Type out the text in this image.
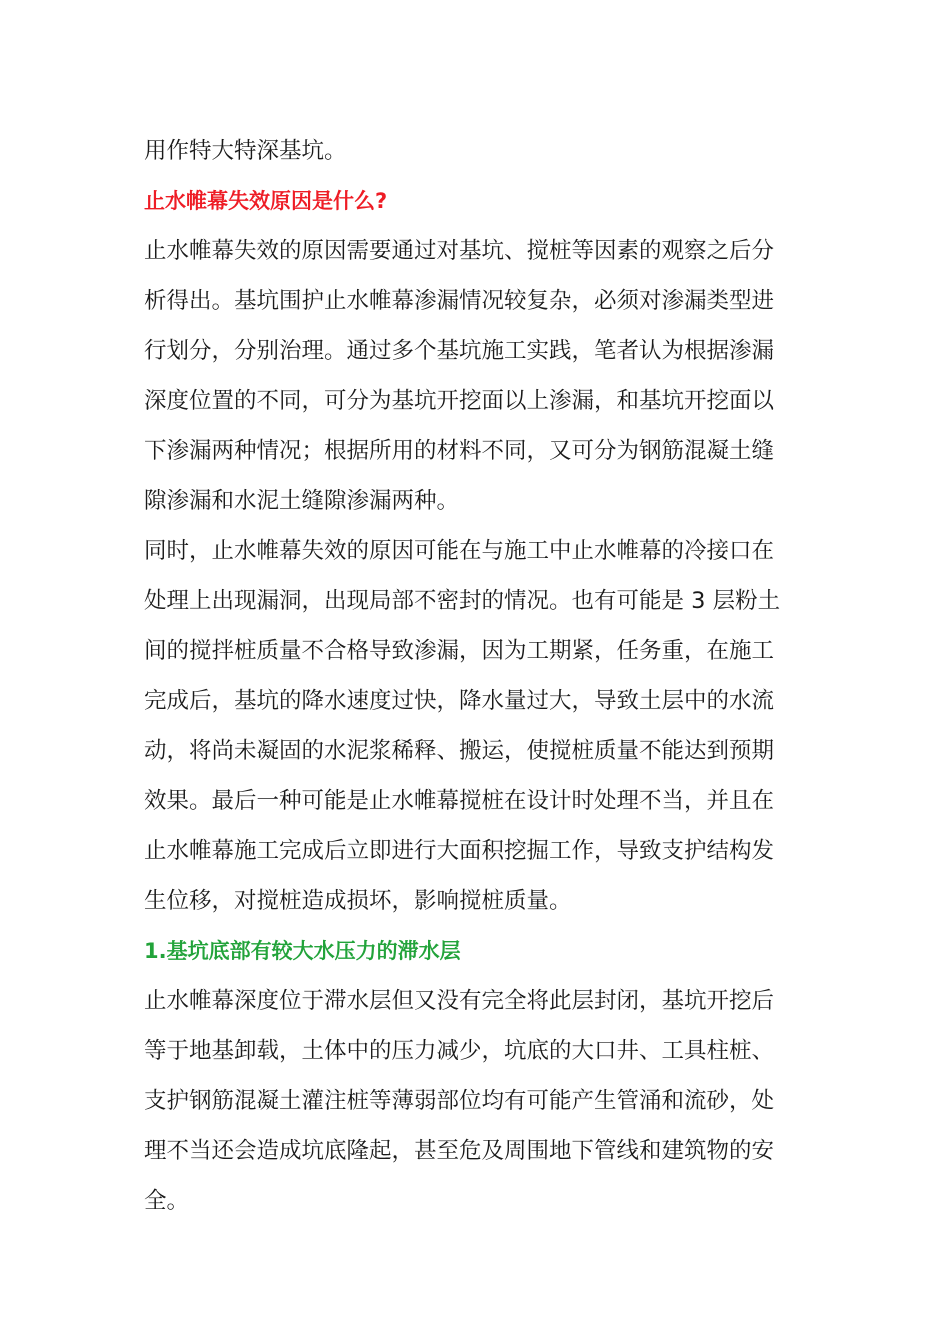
用作特大特深基坑。
止水帷幕失效原因是什么?
止水帷幕失效的原因需要通过对基坑、搅桩等因素的观察之后分
析得出。基坑围护止水帷幕渗漏情况较复杂，必须对渗漏类型进
行划分，分别治理。通过多个基坑施工实践，笔者认为根据渗漏
深度位置的不同，可分为基坑开挖面以上渗漏，和基坑开挖面以
下渗漏两种情况；根据所用的材料不同，又可分为钢筋混凝土缝
隙渗漏和水泥土缝隙渗漏两种。
同时，止水帷幕失效的原因可能在与施工中止水帷幕的冷接口在
处理上出现漏洞，出现局部不密封的情况。也有可能是 3 层粉土
间的搅拌桩质量不合格导致渗漏，因为工期紧，任务重，在施工
完成后，基坑的降水速度过快，降水量过大，导致土层中的水流
动，将尚未凝固的水泥浆稀释、搬运，使搅桩质量不能达到预期
效果。最后一种可能是止水帷幕搅桩在设计时处理不当，并且在
止水帷幕施工完成后立即进行大面积挖掘工作，导致支护结构发
生位移，对搅桩造成损坏，影响搅桩质量。
1.基坑底部有较大水压力的滞水层
止水帷幕深度位于滞水层但又没有完全将此层封闭，基坑开挖后
等于地基卸载，土体中的压力减少，坑底的大口井、工具柱桩、
支护钢筋混凝土灌注桩等薄弱部位均有可能产生管涌和流砂，处
理不当还会造成坑底隆起，甚至危及周围地下管线和建筑物的安
全。
